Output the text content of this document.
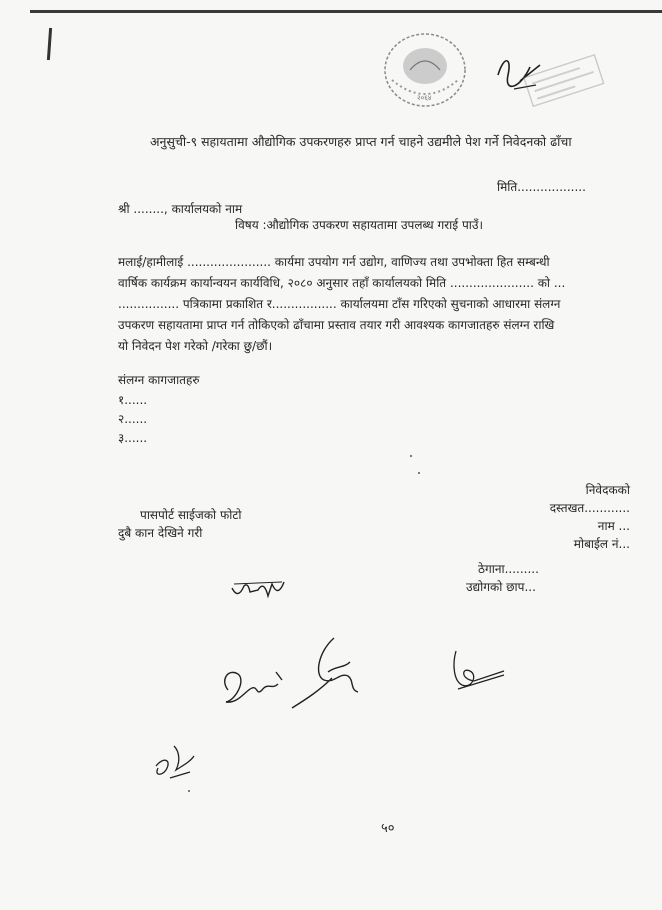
२०६४
अनुसुची-९ सहायतामा औद्योगिक उपकरणहरु प्राप्त गर्न चाहने उद्यमीले पेश गर्ने निवेदनको ढाँचा
मिति..................
श्री ........, कार्यालयको नाम
विषय :औद्योगिक उपकरण सहायतामा उपलब्ध गराई पाउँ।
मलाई/हामीलाई ...................... कार्यमा उपयोग गर्न उद्योग, वाणिज्य तथा उपभोक्ता हित सम्बन्धी
वार्षिक कार्यक्रम कार्यान्वयन कार्यविधि, २०८० अनुसार तहाँ कार्यालयको मिति ...................... को ...
................ पत्रिकामा प्रकाशित र................. कार्यालयमा टाँस गरिएको सुचनाको आधारमा संलग्न
उपकरण सहायतामा प्राप्त गर्न तोकिएको ढाँचामा प्रस्ताव तयार गरी आवश्यक कागजातहरु संलग्न राखि
यो निवेदन पेश गरेको /गरेका छु/छौं।
संलग्न कागजातहरु
१......
२......
३......
पासपोर्ट साईजको फोटो
दुबै कान देखिने गरी
निवेदकको
दस्तखत............
नाम ...
मोबाईल नं...
ठेगाना.........
उद्योगको छाप...
५०
